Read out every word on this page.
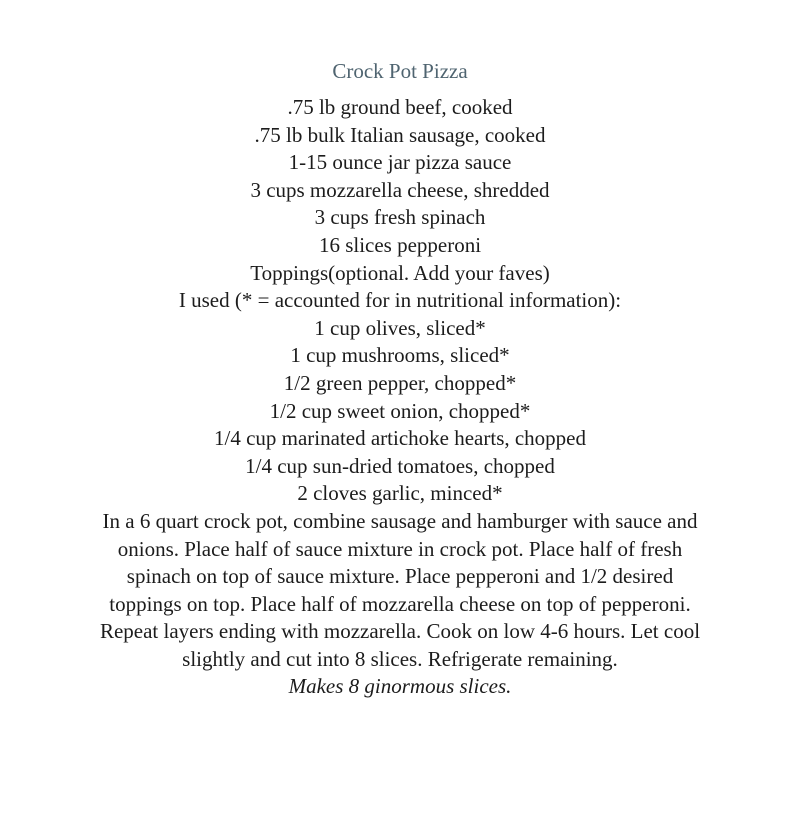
Crock Pot Pizza
.75 lb ground beef, cooked
.75 lb bulk Italian sausage, cooked
1-15 ounce jar pizza sauce
3 cups mozzarella cheese, shredded
3 cups fresh spinach
16 slices pepperoni
Toppings(optional. Add your faves)
I used (* = accounted for in nutritional information):
1 cup olives, sliced*
1 cup mushrooms, sliced*
1/2 green pepper, chopped*
1/2 cup sweet onion, chopped*
1/4 cup marinated artichoke hearts, chopped
1/4 cup sun-dried tomatoes, chopped
2 cloves garlic, minced*
In a 6 quart crock pot, combine sausage and hamburger with sauce and onions. Place half of sauce mixture in crock pot. Place half of fresh spinach on top of sauce mixture. Place pepperoni and 1/2 desired toppings on top. Place half of mozzarella cheese on top of pepperoni. Repeat layers ending with mozzarella. Cook on low 4-6 hours. Let cool slightly and cut into 8 slices. Refrigerate remaining.
Makes 8 ginormous slices.
